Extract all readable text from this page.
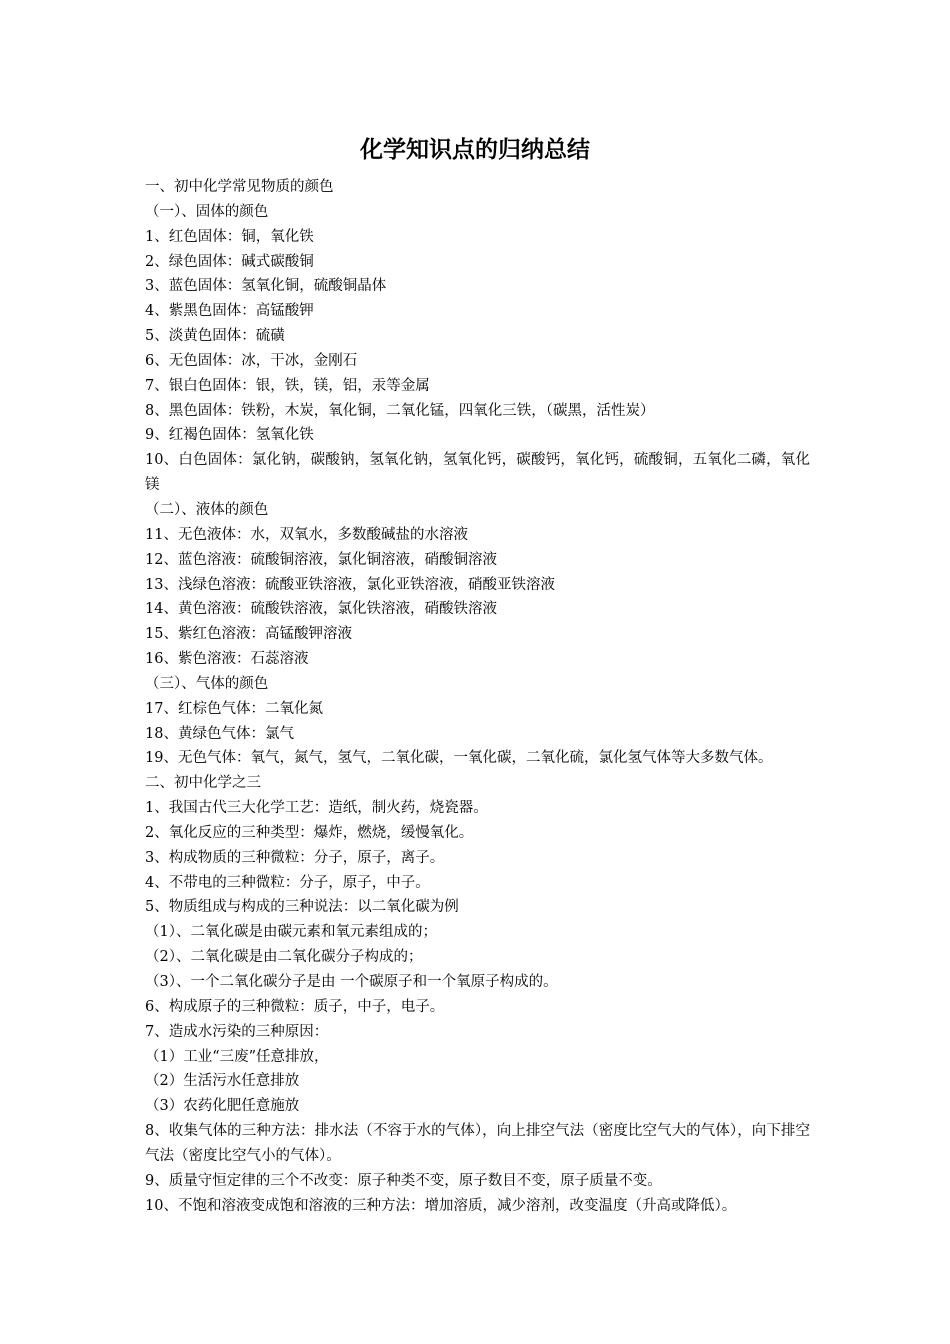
化学知识点的归纳总结
一、初中化学常见物质的颜色
（一）、固体的颜色
1、红色固体：铜，氧化铁
2、绿色固体：碱式碳酸铜
3、蓝色固体：氢氧化铜，硫酸铜晶体
4、紫黑色固体：高锰酸钾
5、淡黄色固体：硫磺
6、无色固体：冰，干冰，金刚石
7、银白色固体：银，铁，镁，铝，汞等金属
8、黑色固体：铁粉，木炭，氧化铜，二氧化锰，四氧化三铁，（碳黑，活性炭）
9、红褐色固体：氢氧化铁
10、白色固体：氯化钠，碳酸钠，氢氧化钠，氢氧化钙，碳酸钙，氧化钙，硫酸铜，五氧化二磷，氧化镁
（二）、液体的颜色
11、无色液体：水，双氧水，多数酸碱盐的水溶液
12、蓝色溶液：硫酸铜溶液，氯化铜溶液，硝酸铜溶液
13、浅绿色溶液：硫酸亚铁溶液，氯化亚铁溶液，硝酸亚铁溶液
14、黄色溶液：硫酸铁溶液，氯化铁溶液，硝酸铁溶液
15、紫红色溶液：高锰酸钾溶液
16、紫色溶液：石蕊溶液
（三）、气体的颜色
17、红棕色气体：二氧化氮
18、黄绿色气体：氯气
19、无色气体：氧气，氮气，氢气，二氧化碳，一氧化碳，二氧化硫，氯化氢气体等大多数气体。
二、初中化学之三
1、我国古代三大化学工艺：造纸，制火药，烧瓷器。
2、氧化反应的三种类型：爆炸，燃烧，缓慢氧化。
3、构成物质的三种微粒：分子，原子，离子。
4、不带电的三种微粒：分子，原子，中子。
5、物质组成与构成的三种说法：以二氧化碳为例
（1）、二氧化碳是由碳元素和氧元素组成的；
（2）、二氧化碳是由二氧化碳分子构成的；
（3）、一个二氧化碳分子是由 一个碳原子和一个氧原子构成的。
6、构成原子的三种微粒：质子，中子，电子。
7、造成水污染的三种原因：
（1）工业“三废”任意排放，
（2）生活污水任意排放
（3）农药化肥任意施放
8、收集气体的三种方法：排水法（不容于水的气体），向上排空气法（密度比空气大的气体），向下排空气法（密度比空气小的气体）。
9、质量守恒定律的三个不改变：原子种类不变，原子数目不变，原子质量不变。
10、不饱和溶液变成饱和溶液的三种方法：增加溶质，减少溶剂，改变温度（升高或降低）。
